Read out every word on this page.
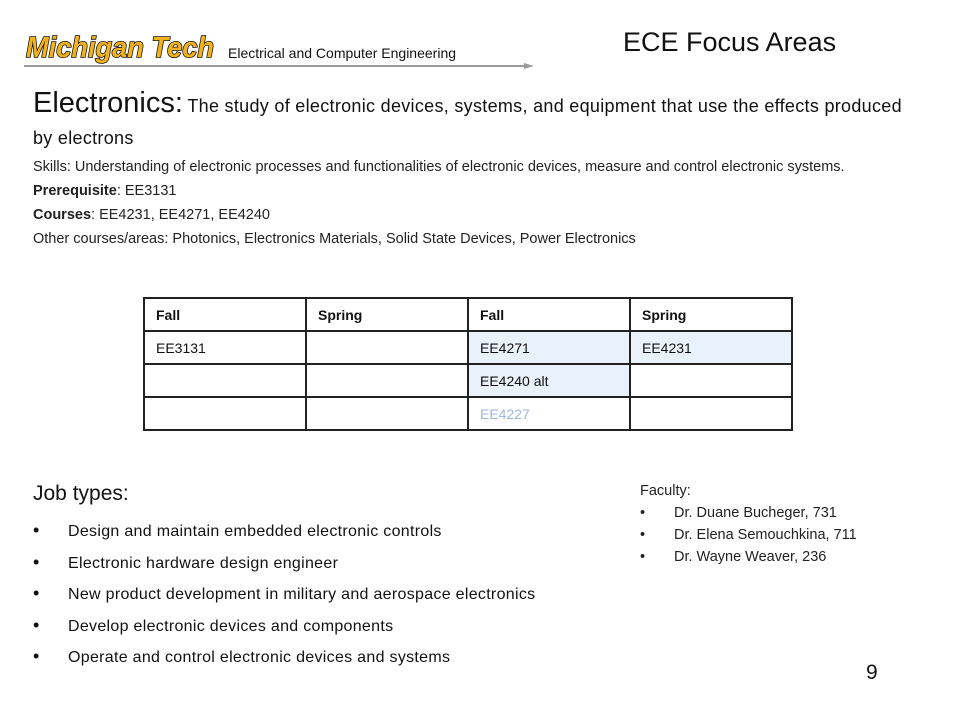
Michigan Tech Electrical and Computer Engineering	ECE Focus Areas
Electronics: The study of electronic devices, systems, and equipment that use the effects produced by electrons

Skills: Understanding of electronic processes and functionalities of electronic devices, measure and control electronic systems.

Prerequisite: EE3131

Courses: EE4231, EE4271, EE4240

Other courses/areas: Photonics, Electronics Materials, Solid State Devices, Power Electronics

Fall	Spring	Fall	Spring
EE3131		EE4271	EE4231
		EE4240 alt	
		EE4227	
Job types:
• Design and maintain embedded electronic controls
• Electronic hardware design engineer
• New product development in military and aerospace electronics
• Develop electronic devices and components
• Operate and control electronic devices and systems
Faculty:
• Dr. Duane Bucheger, 731
• Dr. Elena Semouchkina, 711
• Dr. Wayne Weaver, 236
9
